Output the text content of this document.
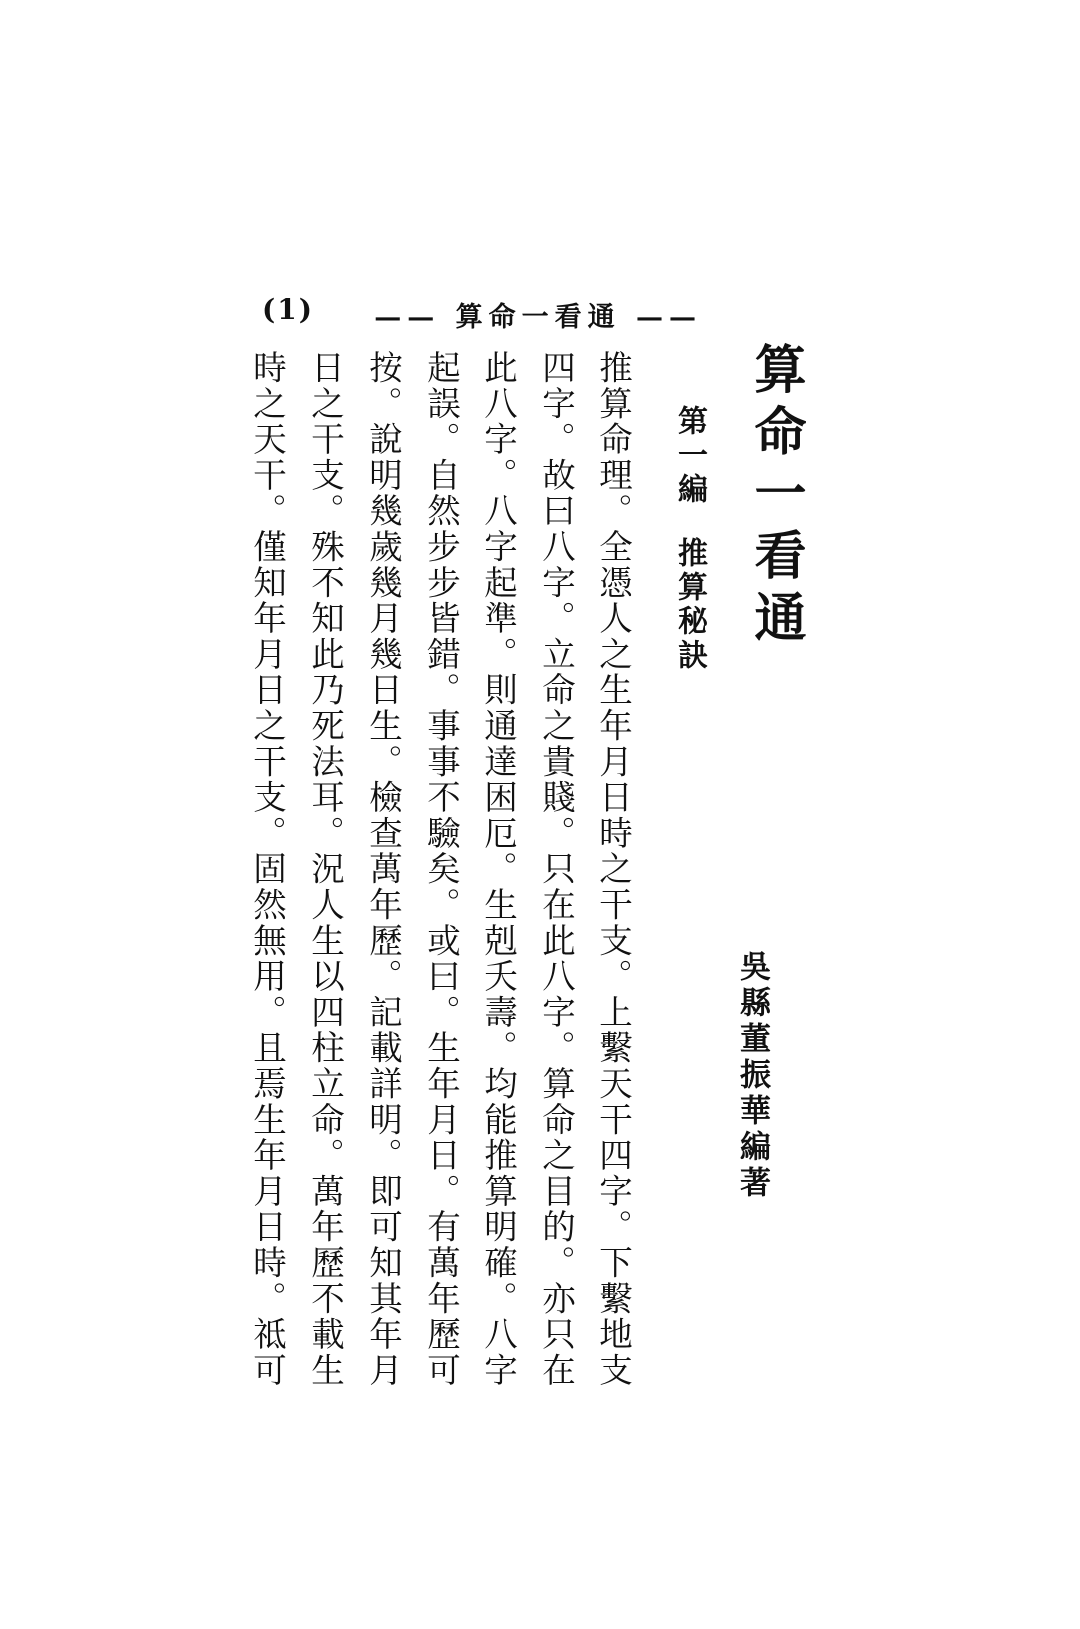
(1) —— 算命一看通 ——
算命一看通
第一編推算秘訣
吳縣董振華編著
推算命理。全憑人之生年月日時之干支。上繫天干四字。下繫地支
四字。故曰八字。立命之貴賤。只在此八字。算命之目的。亦只在
此八字。八字起準。則通達困厄。生剋夭壽。均能推算明確。八字
起誤。自然步步皆錯。事事不驗矣。或曰。生年月日。有萬年歷可
按。說明幾歲幾月幾日生。檢查萬年歷。記載詳明。即可知其年月
日之干支。殊不知此乃死法耳。況人生以四柱立命。萬年歷不載生
時之天干。僅知年月日之干支。固然無用。且焉生年月日時。祗可
